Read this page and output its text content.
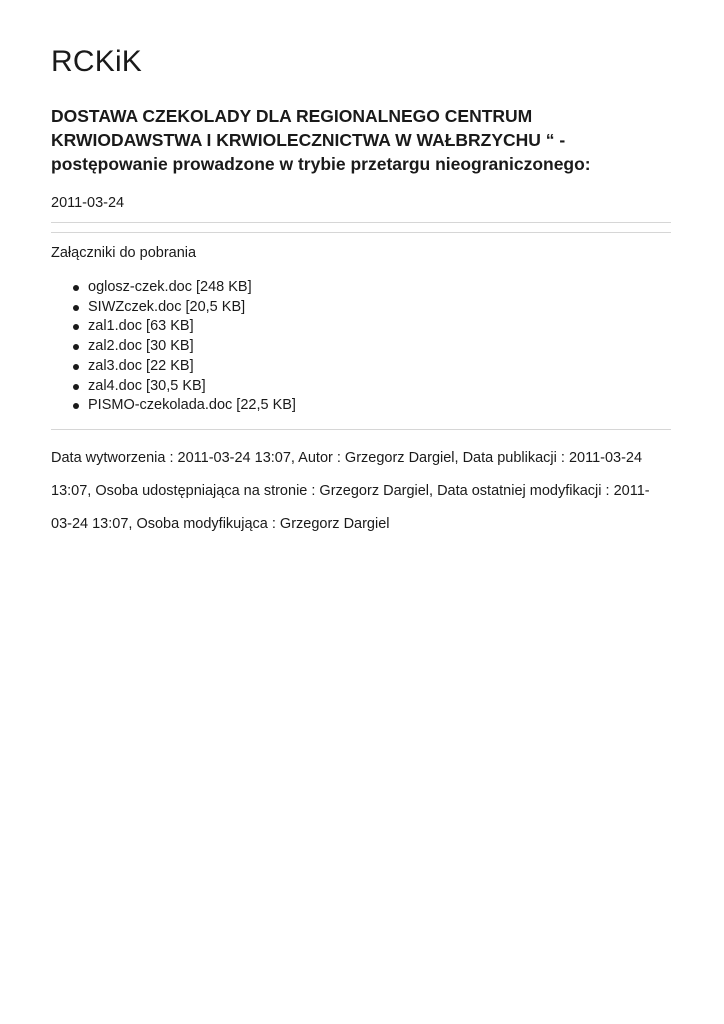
RCKiK
DOSTAWA CZEKOLADY DLA REGIONALNEGO CENTRUM
KRWIODAWSTWA I KRWIOLECZNICTWA W WAŁBRZYCHU “ -
postępowanie prowadzone w trybie przetargu nieograniczonego:
2011-03-24
Załączniki do pobrania
oglosz-czek.doc [248 KB]
SIWZczek.doc [20,5 KB]
zal1.doc [63 KB]
zal2.doc [30 KB]
zal3.doc [22 KB]
zal4.doc [30,5 KB]
PISMO-czekolada.doc [22,5 KB]
Data wytworzenia : 2011-03-24 13:07, Autor : Grzegorz Dargiel, Data publikacji : 2011-03-24
13:07, Osoba udostępniająca na stronie : Grzegorz Dargiel, Data ostatniej modyfikacji : 2011-
03-24 13:07, Osoba modyfikująca : Grzegorz Dargiel
